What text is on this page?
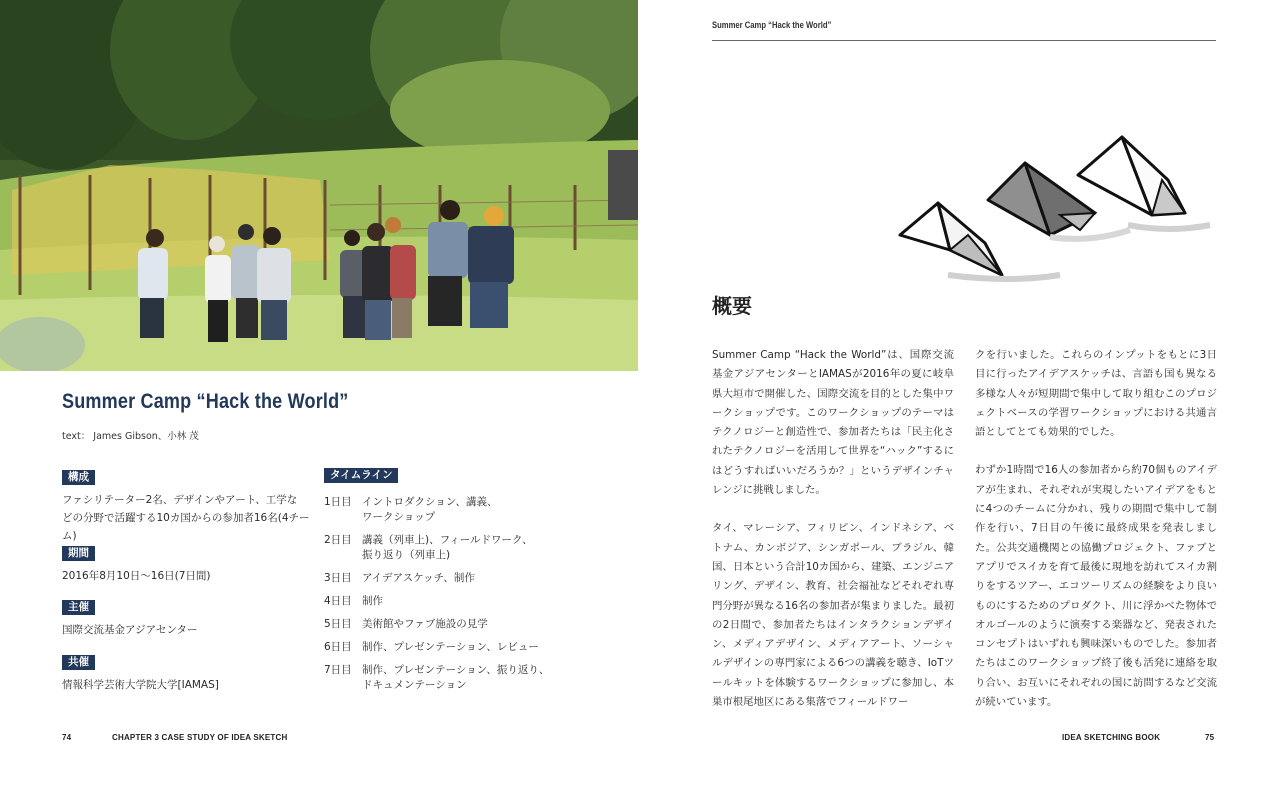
Summer Camp “Hack the World”
text： James Gibson、小林 茂
構成
ファシリテーター2名、デザインやアート、工学な
どの分野で活躍する10カ国からの参加者16名(4チーム)
期間
2016年8月10日〜16日(7日間)
主催
国際交流基金アジアセンター
共催
情報科学芸術大学院大学[IAMAS]
タイムライン
1日目 イントロダクション、講義、
ワークショップ
2日目 講義（列車上)、フィールドワーク、
振り返り（列車上)
3日目 アイデアスケッチ、制作
4日目 制作
5日目 美術館やファブ施設の見学
6日目 制作、プレゼンテーション、レビュー
7日目 制作、プレゼンテーション、振り返り、
ドキュメンテーション
74	CHAPTER 3 CASE STUDY OF IDEA SKETCH
Summer Camp “Hack the World”
概要

Summer Camp “Hack the World”は、国際交流基金アジアセンターとIAMASが2016年の夏に岐阜県大垣市で開催した、国際交流を目的とした集中ワークショップです。このワークショップのテーマはテクノロジーと創造性で、参加者たちは「民主化されたテクノロジーを活用して世界を“ハック”するにはどうすればいいだろうか？」というデザインチャレンジに挑戦しました。

タイ、マレーシア、フィリピン、インドネシア、ベトナム、カンボジア、シンガポール、ブラジル、韓国、日本という合計10カ国から、建築、エンジニアリング、デザイン、教育、社会福祉などそれぞれ専門分野が異なる16名の参加者が集まりました。最初の2日間で、参加者たちはインタラクションデザイン、メディアデザイン、メディアアート、ソーシャルデザインの専門家による6つの講義を聴き、IoTツールキットを体験するワークショップに参加し、本巣市根尾地区にある集落でフィールドワー

クを行いました。これらのインプットをもとに3日目に行ったアイデアスケッチは、言語も国も異なる多様な人々が短期間で集中して取り組むこのプロジェクトベースの学習ワークショップにおける共通言語としてとても効果的でした。

わずか1時間で16人の参加者から約70個ものアイデアが生まれ、それぞれが実現したいアイデアをもとに4つのチームに分かれ、残りの期間で集中して制作を行い、7日目の午後に最終成果を発表しました。公共交通機関との協働プロジェクト、ファブとアプリでスイカを育て最後に現地を訪れてスイカ割りをするツアー、エコツーリズムの経験をより良いものにするためのプロダクト、川に浮かべた物体でオルゴールのように演奏する楽器など、発表されたコンセプトはいずれも興味深いものでした。参加者たちはこのワークショップ終了後も活発に連絡を取り合い、お互いにそれぞれの国に訪問するなど交流が続いています。

IDEA SKETCHING BOOK	75
